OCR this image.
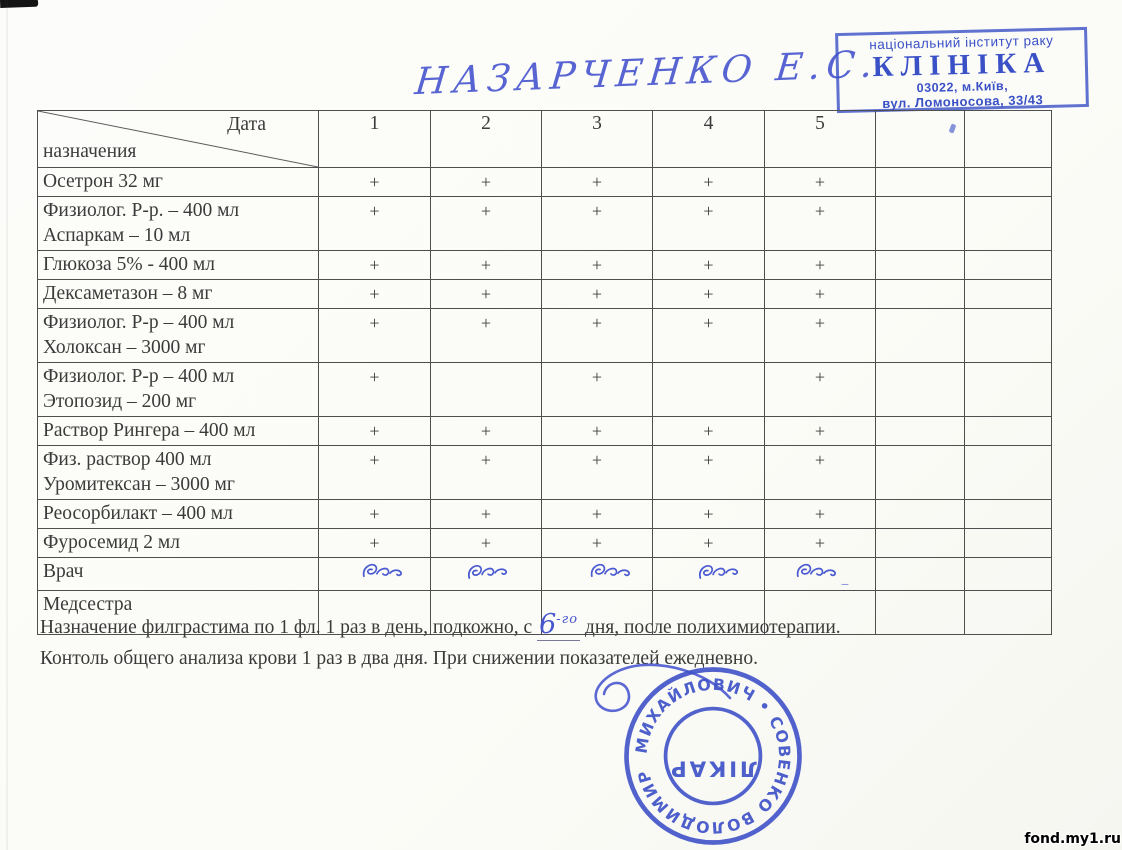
НАЗАРЧЕНКО Е.С.
національний інститут раку
КЛІНІКА
03022, м.Київ,
вул. Ломоносова, 33/43
Дата
назначения	1	2	3	4	5		

Осетрон 32 мг	+	+	+	+	+		

Физиолог. Р-р. – 400 мл
Аспаркам – 10 мл	+	+	+	+	+		

Глюкоза 5% - 400 мл	+	+	+	+	+		

Дексаметазон – 8 мг	+	+	+	+	+		

Физиолог. Р-р – 400 мл
Холоксан – 3000 мг	+	+	+	+	+		

Физиолог. Р-р – 400 мл
Этопозид – 200 мг	+		+		+		

Раствор Рингера – 400 мл	+	+	+	+	+		

Физ. раствор 400 мл
Уромитексан – 3000 мг	+	+	+	+	+		

Реосорбилакт – 400 мл	+	+	+	+	+		

Фуросемид 2 мл	+	+	+	+	+		

Врач					_		

Медсестра							

Назначение филграстима по 1 фл. 1 раз в день, подкожно, с $6^{-го}$ дня, после полихимиотерапии.
Контоль общего анализа крови 1 раз в два дня. При снижении показателей ежедневно.
МИХАЙЛОВИЧ • СОВЕНКО ВОЛОДИМИР ЛІКАР
fond.my1.ru
